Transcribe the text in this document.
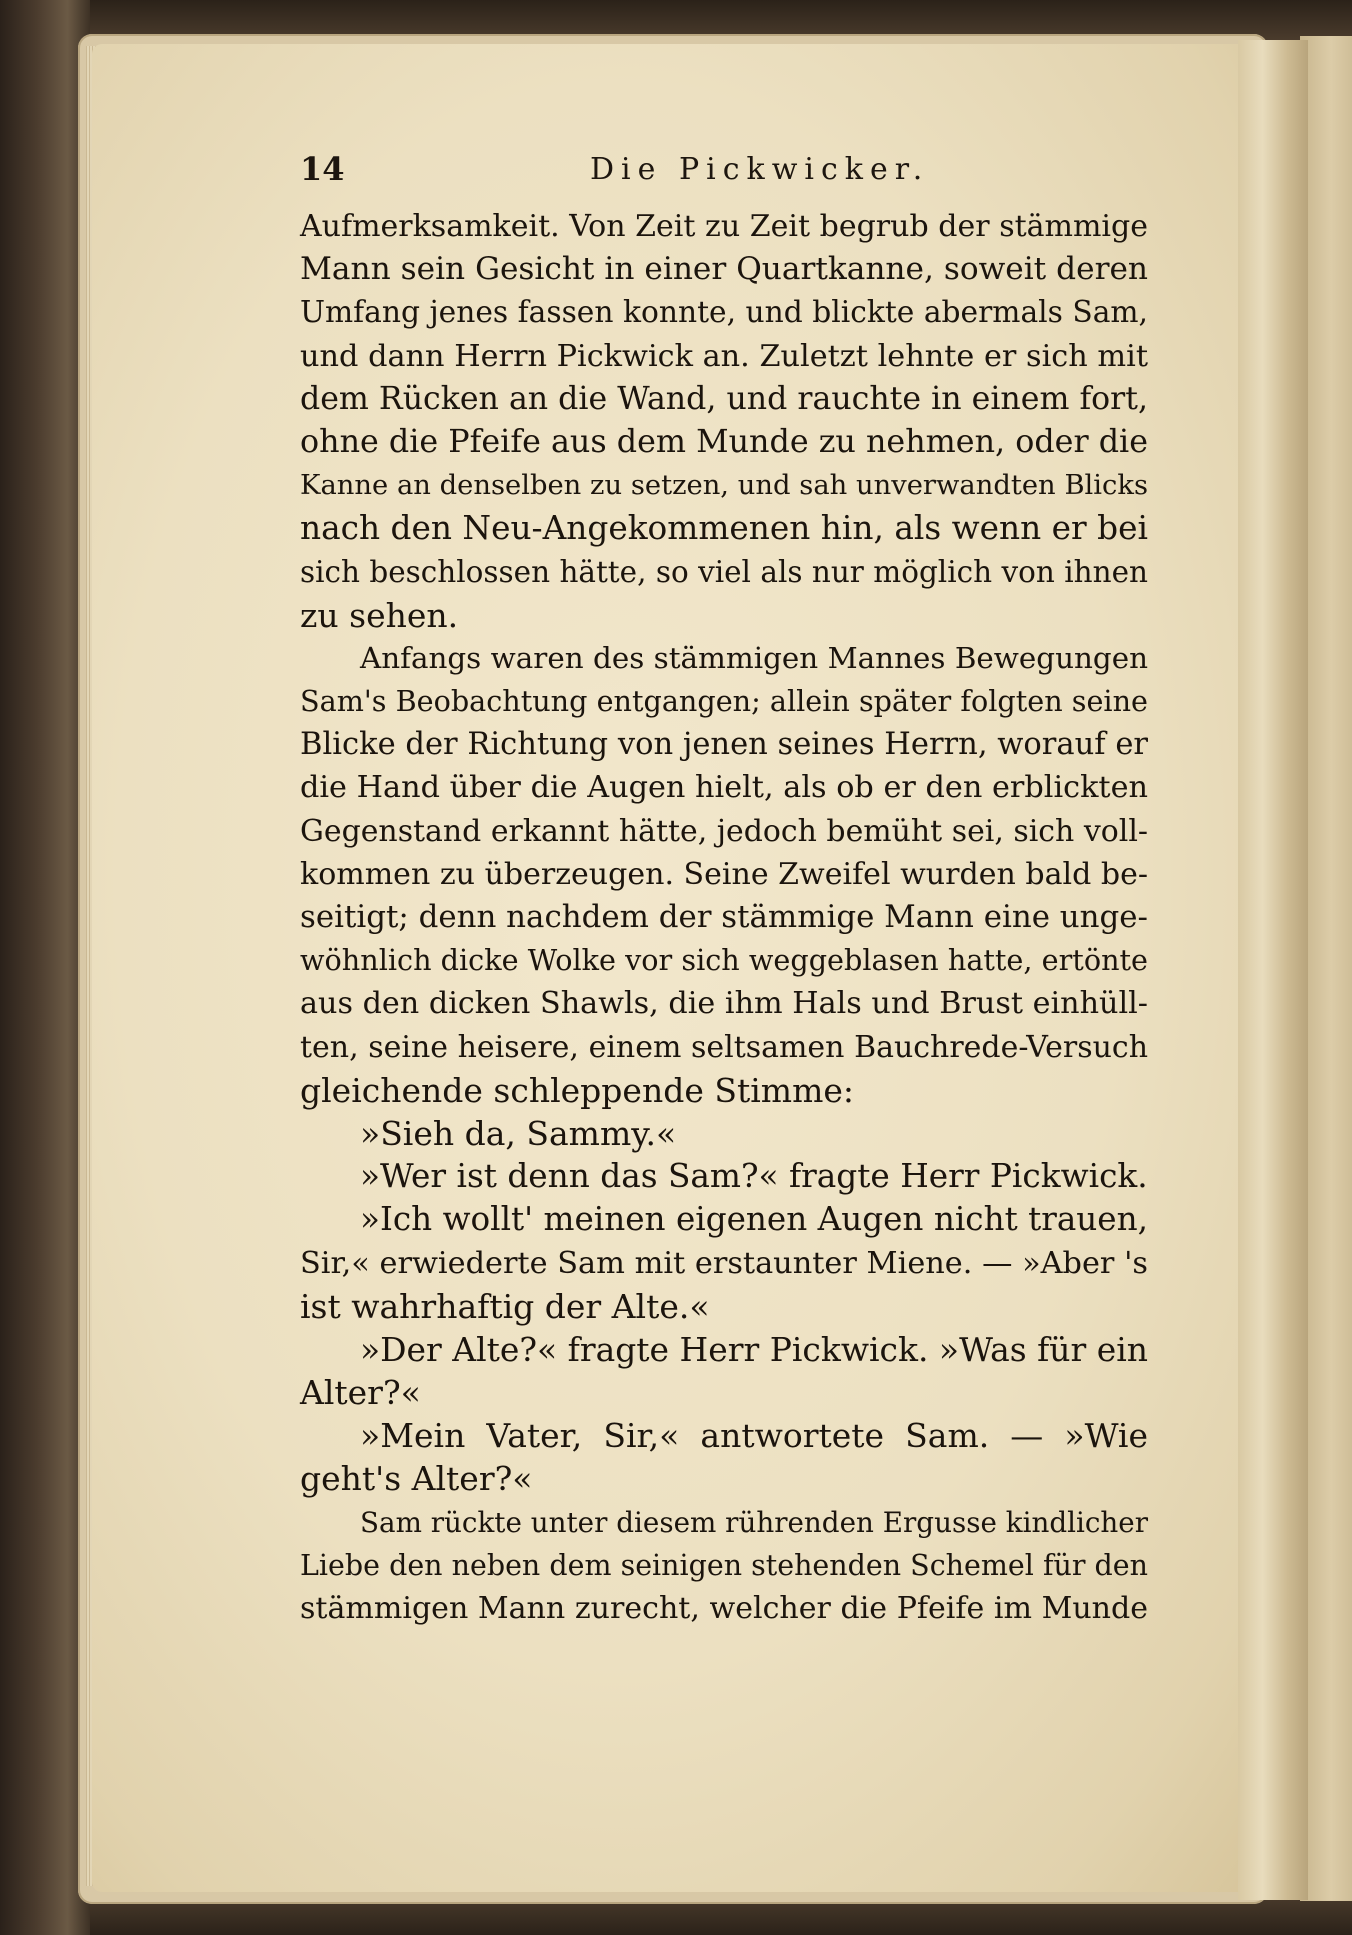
14	Die Pickwicker.
Aufmerksamkeit. Von Zeit zu Zeit begrub der stämmige
Mann sein Gesicht in einer Quartkanne, soweit deren
Umfang jenes fassen konnte, und blickte abermals Sam,
und dann Herrn Pickwick an. Zuletzt lehnte er sich mit
dem Rücken an die Wand, und rauchte in einem fort,
ohne die Pfeife aus dem Munde zu nehmen, oder die
Kanne an denselben zu setzen, und sah unverwandten Blicks
nach den Neu-Angekommenen hin, als wenn er bei
sich beschlossen hätte, so viel als nur möglich von ihnen
zu sehen.
Anfangs waren des stämmigen Mannes Bewegungen
Sam's Beobachtung entgangen; allein später folgten seine
Blicke der Richtung von jenen seines Herrn, worauf er
die Hand über die Augen hielt, als ob er den erblickten
Gegenstand erkannt hätte, jedoch bemüht sei, sich voll-
kommen zu überzeugen. Seine Zweifel wurden bald be-
seitigt; denn nachdem der stämmige Mann eine unge-
wöhnlich dicke Wolke vor sich weggeblasen hatte, ertönte
aus den dicken Shawls, die ihm Hals und Brust einhüll-
ten, seine heisere, einem seltsamen Bauchrede-Versuch
gleichende schleppende Stimme:
»Sieh da, Sammy.«
»Wer ist denn das Sam?« fragte Herr Pickwick.
»Ich wollt' meinen eigenen Augen nicht trauen,
Sir,« erwiederte Sam mit erstaunter Miene. — »Aber 's
ist wahrhaftig der Alte.«
»Der Alte?« fragte Herr Pickwick. »Was für ein
Alter?«
»Mein Vater, Sir,« antwortete Sam. — »Wie
geht's Alter?«
Sam rückte unter diesem rührenden Ergusse kindlicher
Liebe den neben dem seinigen stehenden Schemel für den
stämmigen Mann zurecht, welcher die Pfeife im Munde
